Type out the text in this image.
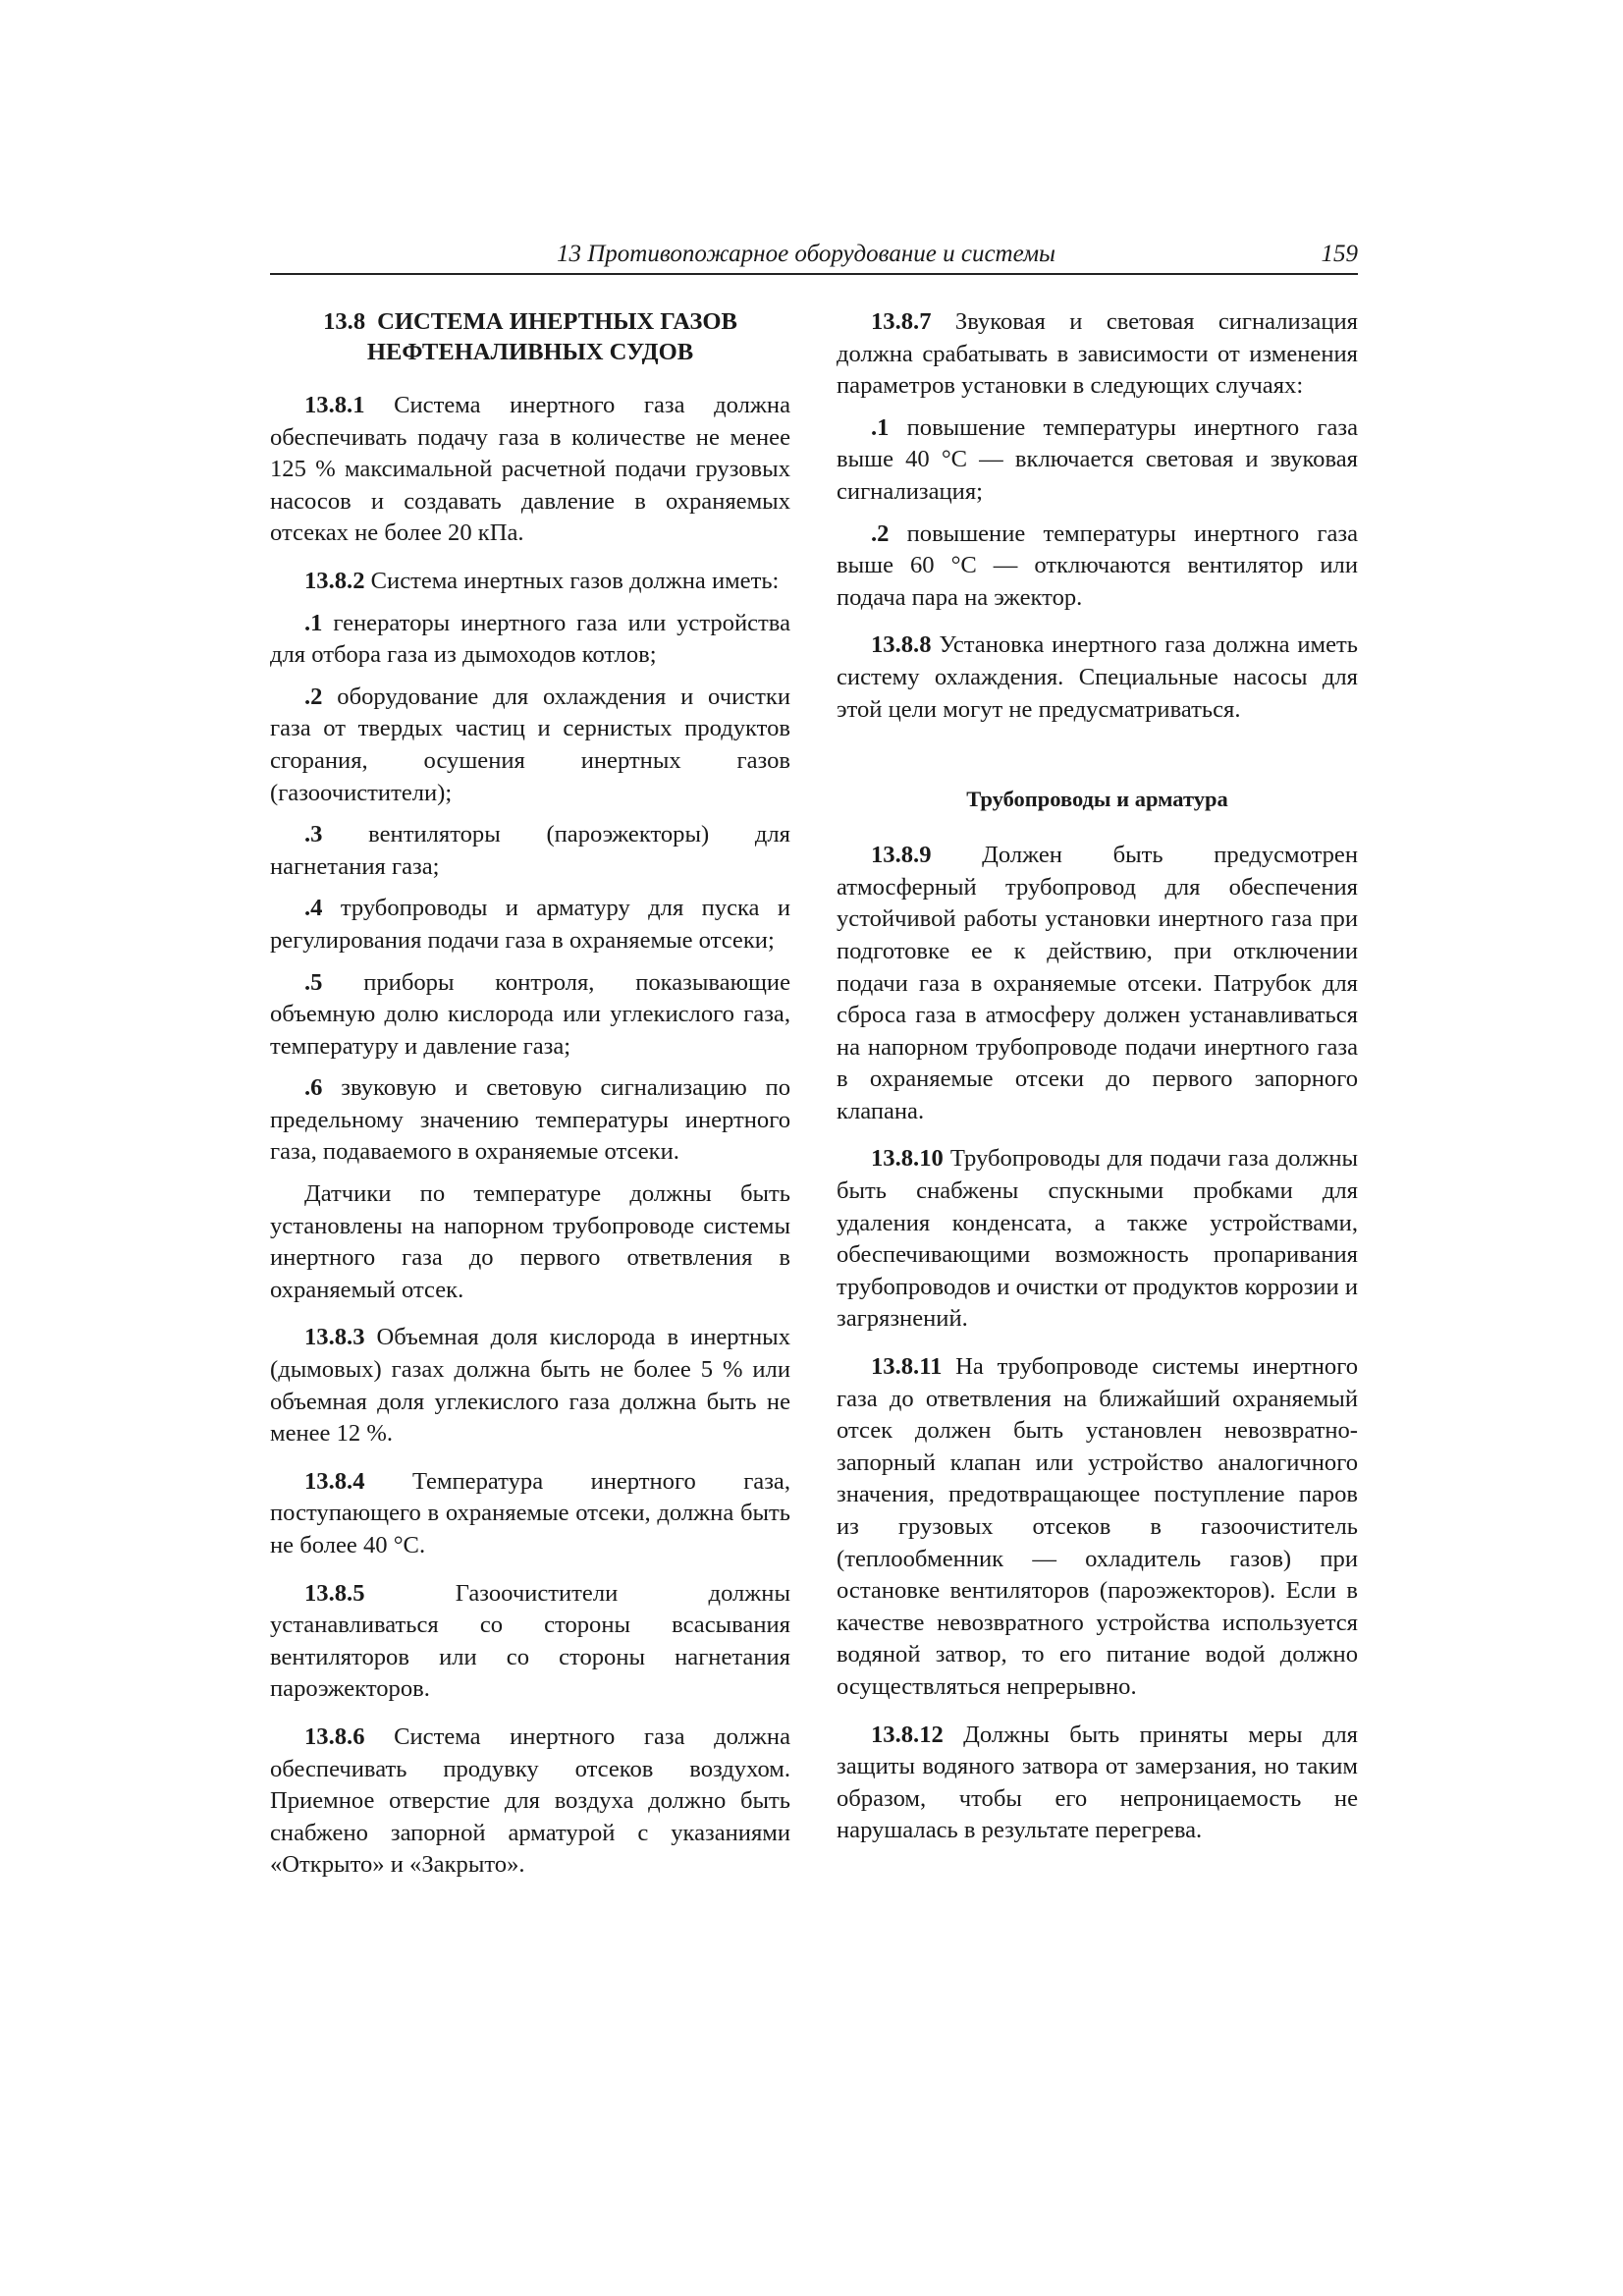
13 Противопожарное оборудование и системы	159
13.8 СИСТЕМА ИНЕРТНЫХ ГАЗОВ
НЕФТЕНАЛИВНЫХ СУДОВ

13.8.1 Система инертного газа должна обеспечивать подачу газа в количестве не менее 125 % максимальной расчетной подачи грузовых насосов и создавать давление в охраняемых отсеках не более 20 кПа.

13.8.2 Система инертных газов должна иметь:

.1 генераторы инертного газа или устройства для отбора газа из дымоходов котлов;

.2 оборудование для охлаждения и очистки газа от твердых частиц и сернистых продуктов сгорания, осушения инертных газов (газоочистители);

.3 вентиляторы (пароэжекторы) для нагнетания газа;

.4 трубопроводы и арматуру для пуска и регулирования подачи газа в охраняемые отсеки;

.5 приборы контроля, показывающие объемную долю кислорода или углекислого газа, температуру и давление газа;

.6 звуковую и световую сигнализацию по предельному значению температуры инертного газа, подаваемого в охраняемые отсеки.

Датчики по температуре должны быть установлены на напорном трубопроводе системы инертного газа до первого ответвления в охраняемый отсек.

13.8.3 Объемная доля кислорода в инертных (дымовых) газах должна быть не более 5 % или объемная доля углекислого газа должна быть не менее 12 %.

13.8.4 Температура инертного газа, поступающего в охраняемые отсеки, должна быть не более 40 °С.

13.8.5	Газоочистители должны устанавливаться со стороны всасывания вентиляторов или со стороны нагнетания пароэжекторов.

13.8.6 Система инертного газа должна обеспечивать продувку отсеков воздухом. Приемное отверстие для воздуха должно быть снабжено запорной арматурой с указаниями «Открыто» и «Закрыто».

13.8.7 Звуковая и световая сигнализация должна срабатывать в зависимости от изменения параметров установки в следующих случаях:

.1 повышение температуры инертного газа выше 40 °С — включается световая и звуковая сигнализация;

.2 повышение температуры инертного газа выше 60 °С — отключаются вентилятор или подача пара на эжектор.

13.8.8 Установка инертного газа должна иметь систему охлаждения. Специальные насосы для этой цели могут не предусматриваться.

Трубопроводы и арматура

13.8.9 Должен быть предусмотрен атмосферный трубопровод для обеспечения устойчивой работы установки инертного газа при подготовке ее к действию, при отключении подачи газа в охраняемые отсеки. Патрубок для сброса газа в атмосферу должен устанавливаться на напорном трубопроводе подачи инертного газа в охраняемые отсеки до первого запорного клапана.

13.8.10 Трубопроводы для подачи газа должны быть снабжены спускными пробками для удаления конденсата, а также устройствами, обеспечивающими возможность пропаривания трубопроводов и очистки от продуктов коррозии и загрязнений.

13.8.11 На трубопроводе системы инертного газа до ответвления на ближайший охраняемый отсек должен быть установлен невозвратно-запорный клапан или устройство аналогичного значения, предотвращающее поступление паров из грузовых отсеков в газоочиститель (теплообменник — охладитель газов) при остановке вентиляторов (пароэжекторов). Если в качестве невозвратного устройства используется водяной затвор, то его питание водой должно осуществляться непрерывно.

13.8.12 Должны быть приняты меры для защиты водяного затвора от замерзания, но таким образом, чтобы его непроницаемость не нарушалась в результате перегрева.
